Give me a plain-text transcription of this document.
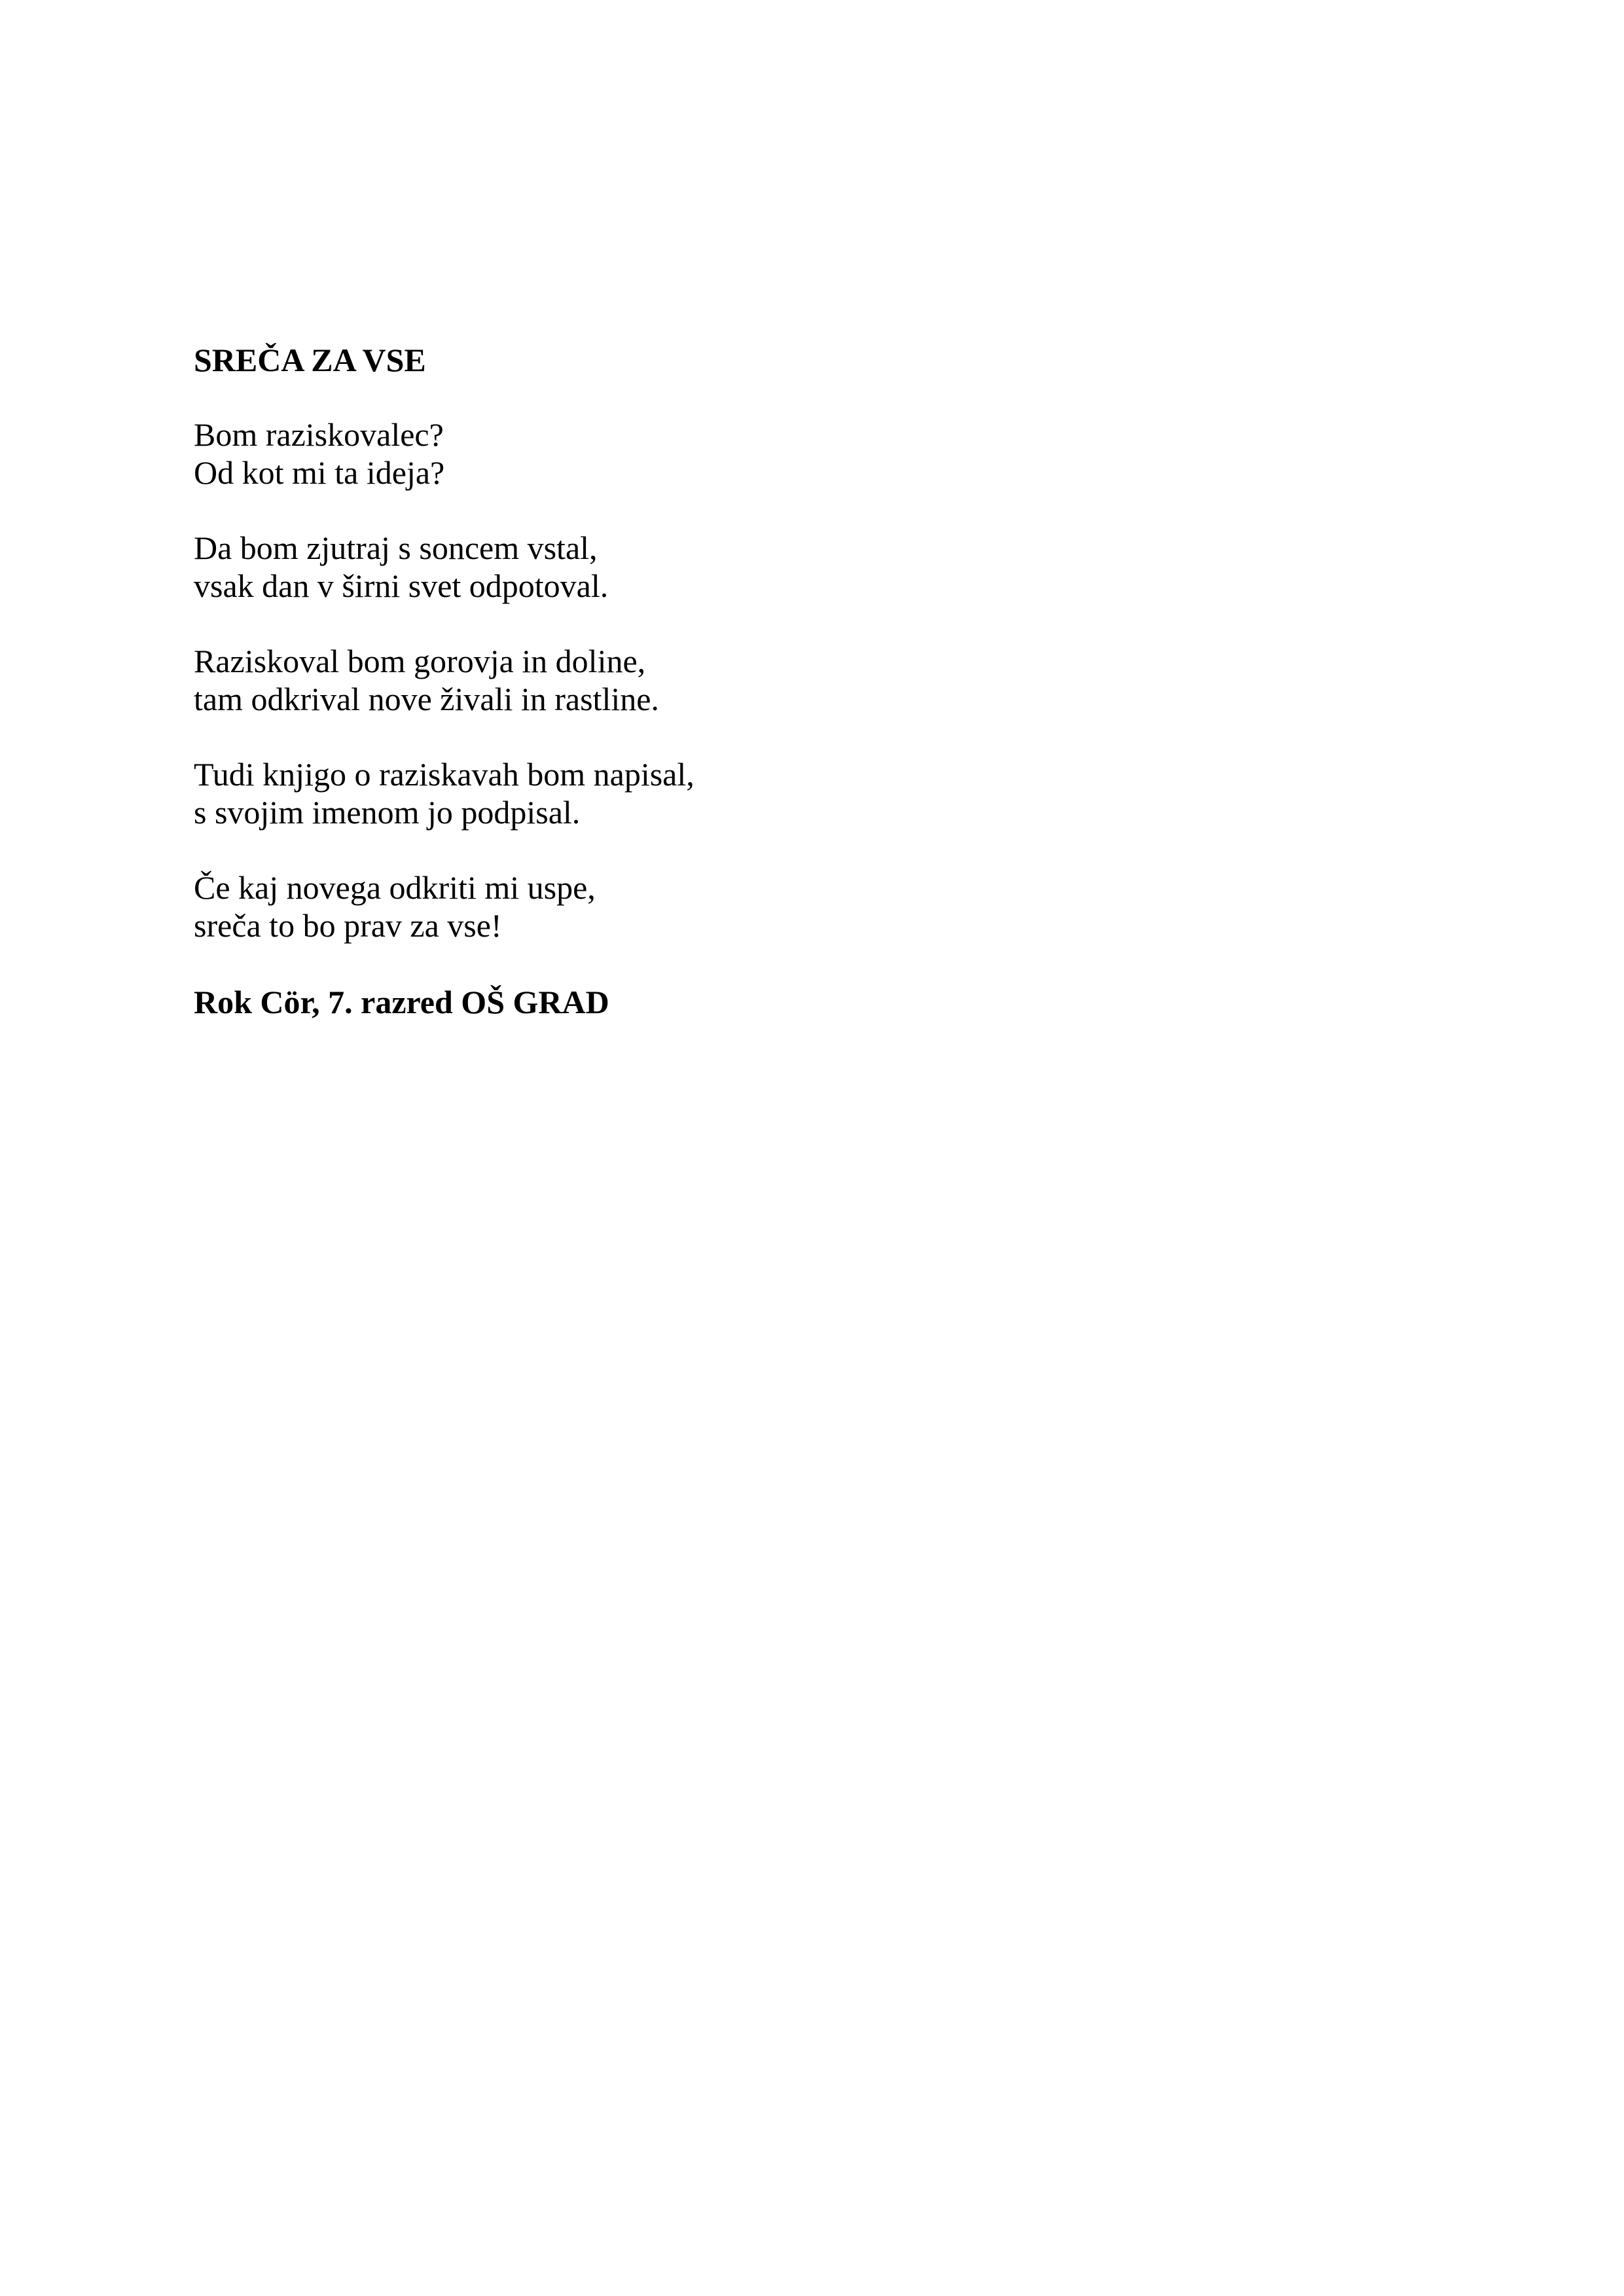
SREČA ZA VSE

Bom raziskovalec?
Od kot mi ta ideja?

Da bom zjutraj s soncem vstal,
vsak dan v širni svet odpotoval.

Raziskoval bom gorovja in doline,
tam odkrival nove živali in rastline.

Tudi knjigo o raziskavah bom napisal,
s svojim imenom jo podpisal.

Če kaj novega odkriti mi uspe,
sreča to bo prav za vse!

Rok Cör, 7. razred OŠ GRAD
